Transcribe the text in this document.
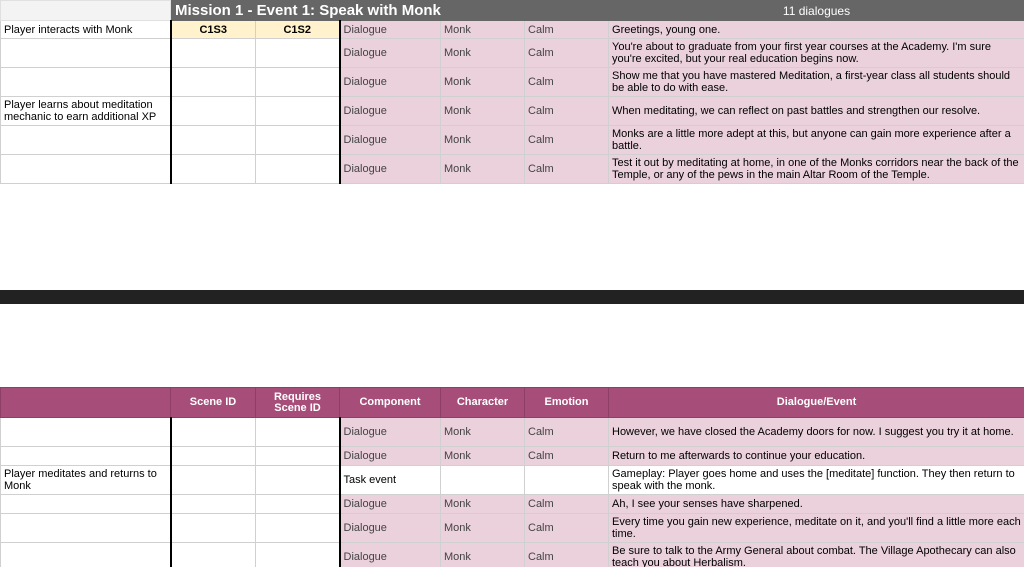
	Mission 1 - Event 1: Speak with Monk					11 dialogues
Player interacts with Monk	C1S3	C1S2	Dialogue	Monk	Calm	Greetings, young one.
			Dialogue	Monk	Calm	You're about to graduate from your first year courses at the Academy. I'm sure you're excited, but your real education begins now.
			Dialogue	Monk	Calm	Show me that you have mastered Meditation, a first-year class all students should be able to do with ease.
Player learns about meditation mechanic to earn additional XP			Dialogue	Monk	Calm	When meditating, we can reflect on past battles and strengthen our resolve.
			Dialogue	Monk	Calm	Monks are a little more adept at this, but anyone can gain more experience after a battle.
			Dialogue	Monk	Calm	Test it out by meditating at home, in one of the Monks corridors near the back of the Temple, or any of the pews in the main Altar Room of the Temple.
	Scene ID	Requires Scene ID	Component	Character	Emotion	Dialogue/Event
			Dialogue	Monk	Calm	However, we have closed the Academy doors for now. I suggest you try it at home.
			Dialogue	Monk	Calm	Return to me afterwards to continue your education.
Player meditates and returns to Monk			Task event			Gameplay: Player goes home and uses the [meditate] function. They then return to speak with the monk.
			Dialogue	Monk	Calm	Ah, I see your senses have sharpened.
			Dialogue	Monk	Calm	Every time you gain new experience, meditate on it, and you'll find a little more each time.
			Dialogue	Monk	Calm	Be sure to talk to the Army General about combat. The Village Apothecary can also teach you about Herbalism.
